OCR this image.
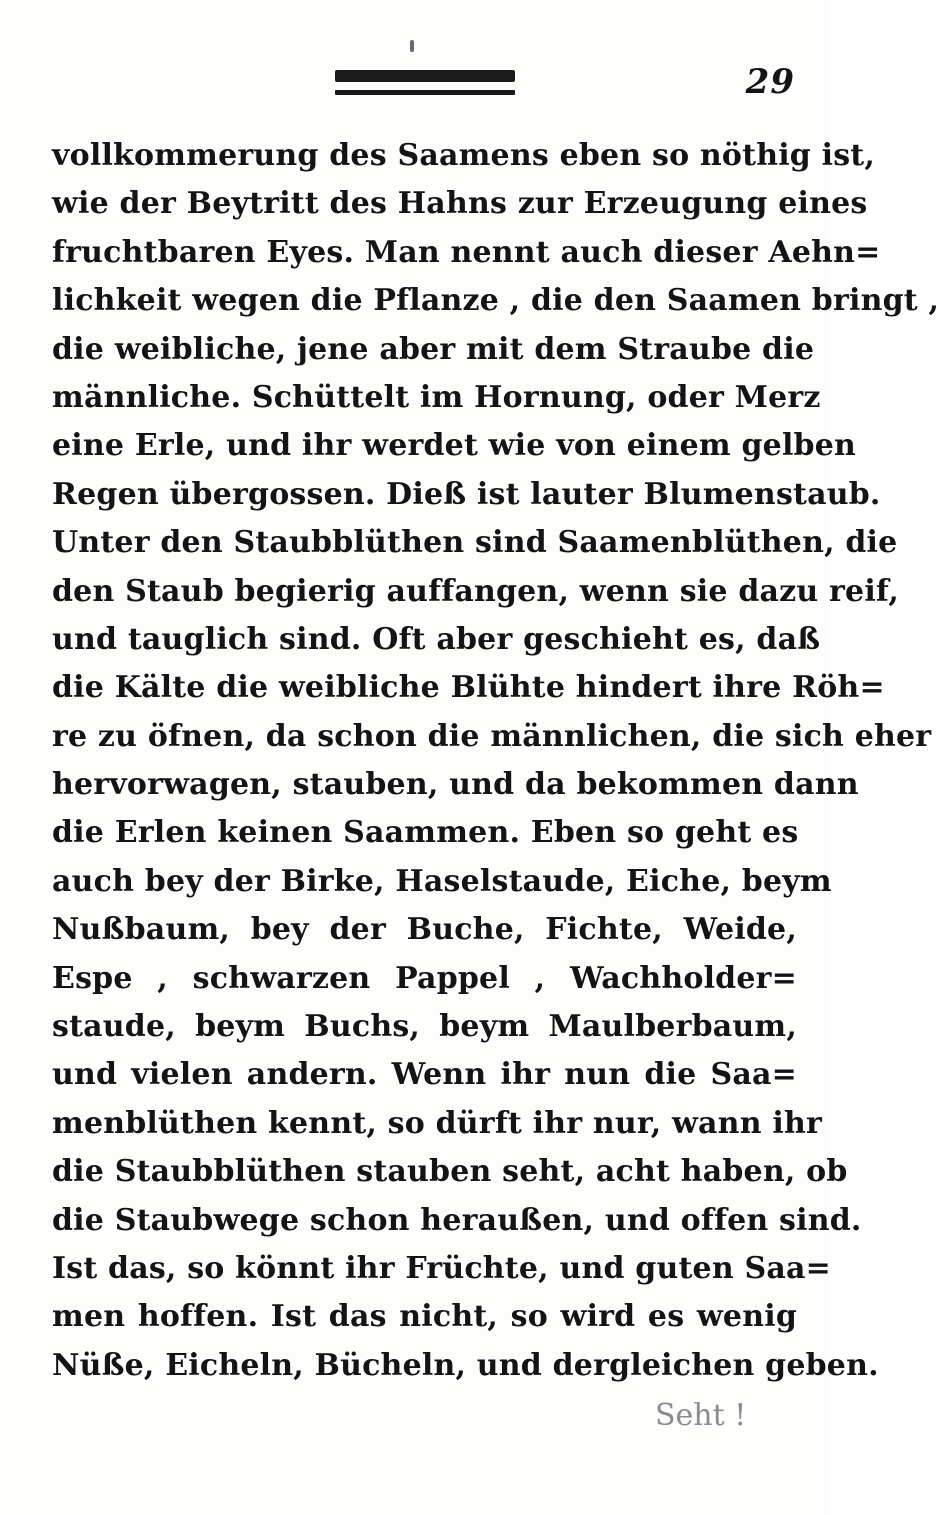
29
vollkommerung des Saamens eben so nöthig ist,
wie der Beytritt des Hahns zur Erzeugung eines
fruchtbaren Eyes. Man nennt auch dieser Aehn=
lichkeit wegen die Pflanze , die den Saamen bringt ,
die weibliche, jene aber mit dem Straube die
männliche. Schüttelt im Hornung, oder Merz
eine Erle, und ihr werdet wie von einem gelben
Regen übergossen. Dieß ist lauter Blumenstaub.
Unter den Staubblüthen sind Saamenblüthen, die
den Staub begierig auffangen, wenn sie dazu reif,
und tauglich sind. Oft aber geschieht es, daß
die Kälte die weibliche Blühte hindert ihre Röh=
re zu öfnen, da schon die männlichen, die sich eher
hervorwagen, stauben, und da bekommen dann
die Erlen keinen Saammen. Eben so geht es
auch bey der Birke, Haselstaude, Eiche, beym
Nußbaum, bey der Buche, Fichte, Weide,
Espe , schwarzen Pappel , Wachholder=
staude, beym Buchs, beym Maulberbaum,
und vielen andern. Wenn ihr nun die Saa=
menblüthen kennt, so dürft ihr nur, wann ihr
die Staubblüthen stauben seht, acht haben, ob
die Staubwege schon heraußen, und offen sind.
Ist das, so könnt ihr Früchte, und guten Saa=
men hoffen. Ist das nicht, so wird es wenig
Nüße, Eicheln, Bücheln, und dergleichen geben.
Seht !
